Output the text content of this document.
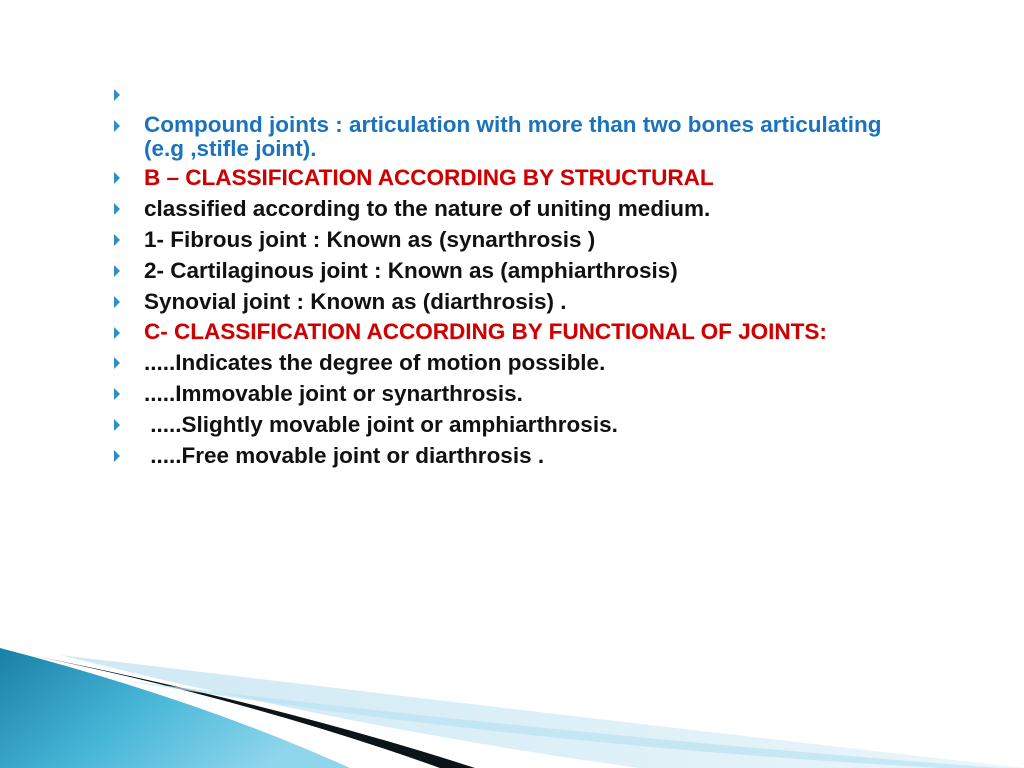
Compound joints : articulation with more than two bones articulating (e.g ,stifle joint).
B – CLASSIFICATION ACCORDING BY STRUCTURAL
classified according to the nature of uniting medium.
1- Fibrous joint : Known as (synarthrosis )
2- Cartilaginous joint : Known as (amphiarthrosis)
Synovial joint : Known as (diarthrosis) .
C- CLASSIFICATION ACCORDING BY FUNCTIONAL OF JOINTS:
.....Indicates the degree of motion possible.
.....Immovable joint or synarthrosis.
.....Slightly movable joint or amphiarthrosis.
.....Free movable joint or diarthrosis .
